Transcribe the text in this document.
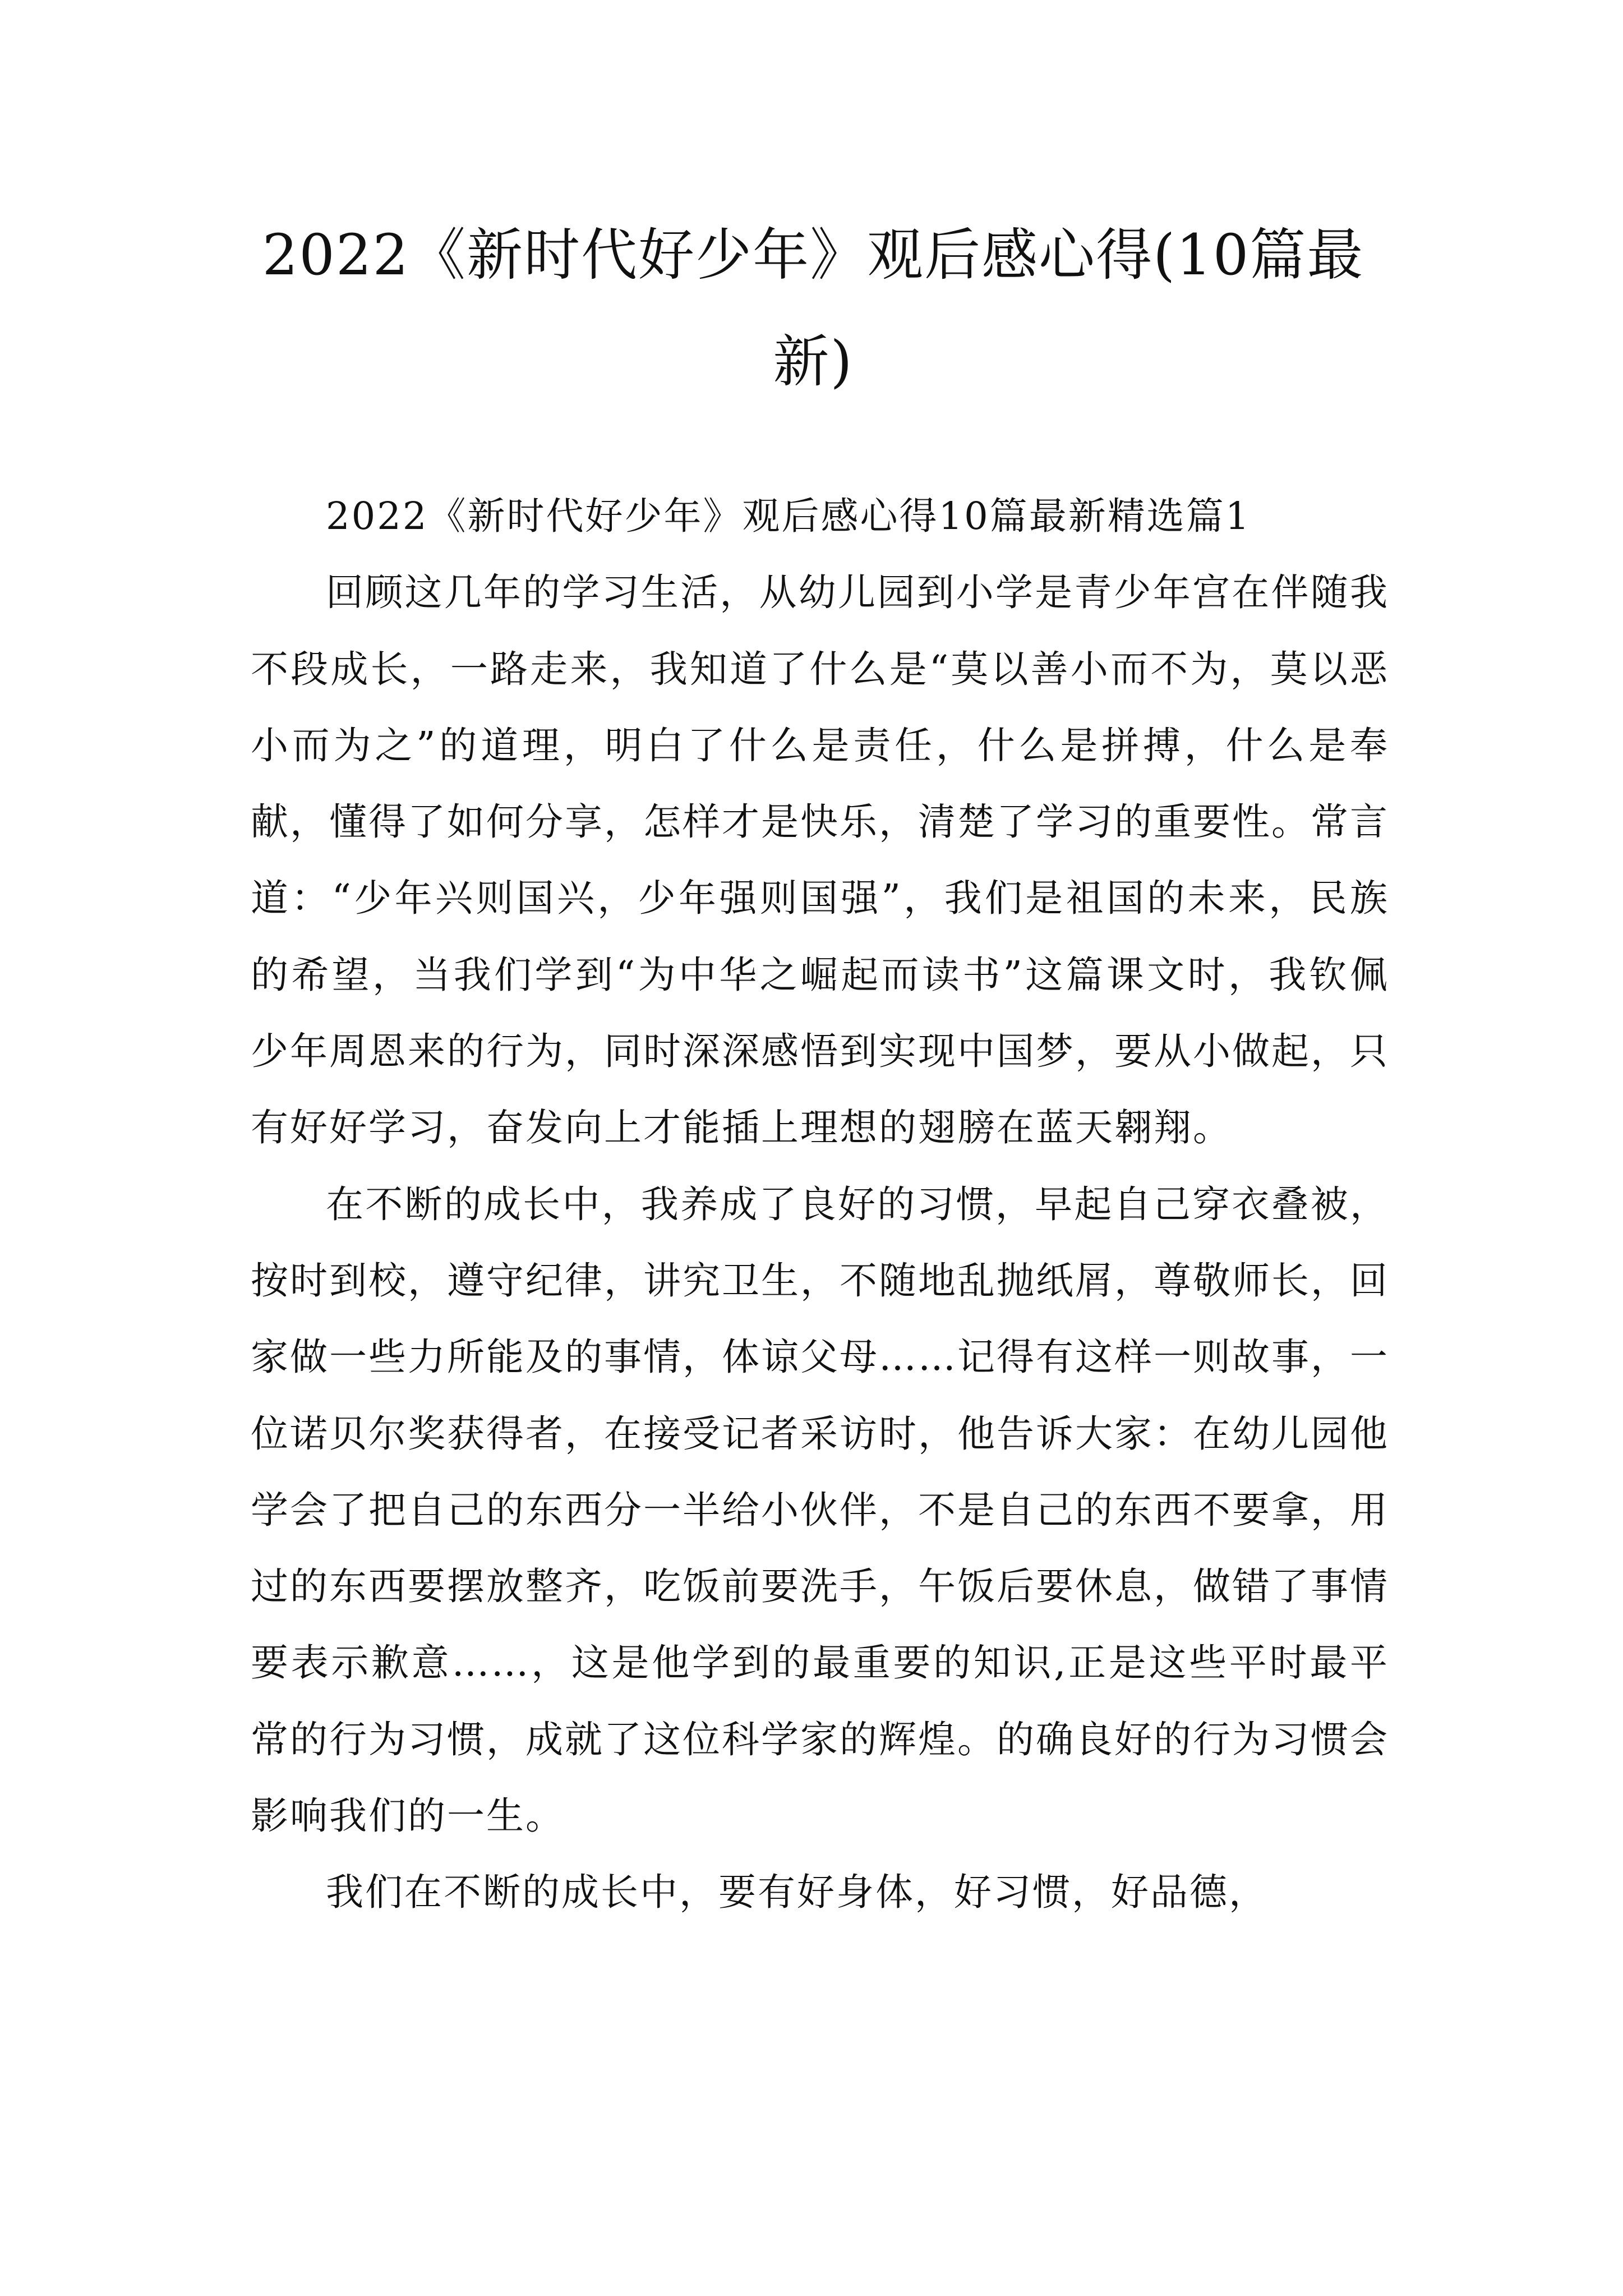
2022《新时代好少年》观后感心得(10篇最新)

2022《新时代好少年》观后感心得10篇最新精选篇1

回顾这几年的学习生活，从幼儿园到小学是青少年宫在伴随我不段成长，一路走来，我知道了什么是“莫以善小而不为，莫以恶小而为之”的道理，明白了什么是责任，什么是拼搏，什么是奉献，懂得了如何分享，怎样才是快乐，清楚了学习的重要性。常言道：“少年兴则国兴，少年强则国强”，我们是祖国的未来，民族的希望，当我们学到“为中华之崛起而读书”这篇课文时，我钦佩少年周恩来的行为，同时深深感悟到实现中国梦，要从小做起，只有好好学习，奋发向上才能插上理想的翅膀在蓝天翱翔。

在不断的成长中，我养成了良好的习惯，早起自己穿衣叠被，按时到校，遵守纪律，讲究卫生，不随地乱抛纸屑，尊敬师长，回家做一些力所能及的事情，体谅父母……记得有这样一则故事，一位诺贝尔奖获得者，在接受记者采访时，他告诉大家：在幼儿园他学会了把自己的东西分一半给小伙伴，不是自己的东西不要拿，用过的东西要摆放整齐，吃饭前要洗手，午饭后要休息，做错了事情要表示歉意……，这是他学到的最重要的知识,正是这些平时最平常的行为习惯，成就了这位科学家的辉煌。的确良好的行为习惯会影响我们的一生。

我们在不断的成长中，要有好身体，好习惯，好品德，
